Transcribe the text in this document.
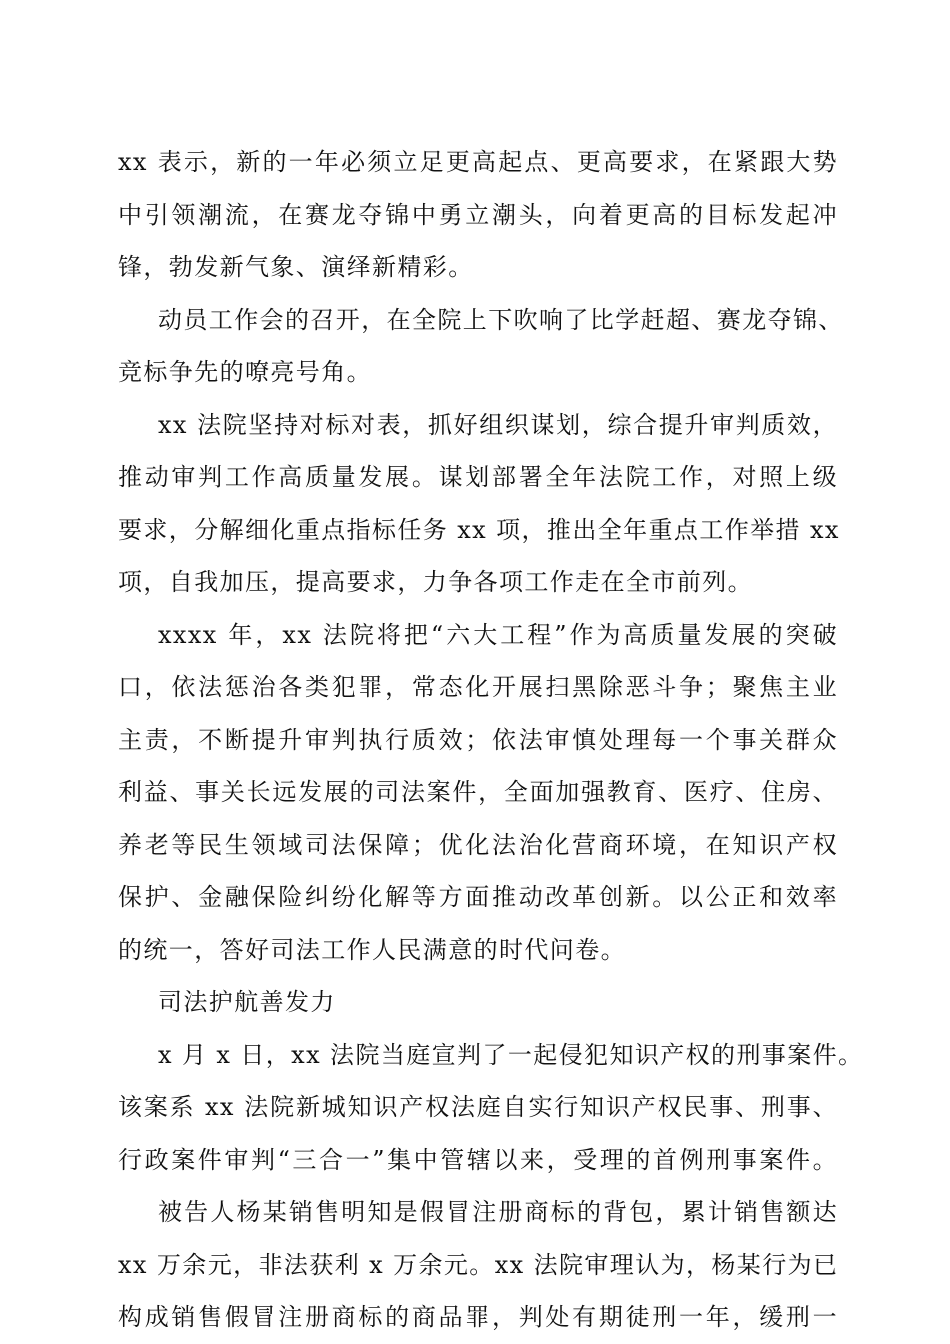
xx 表示，新的一年必须立足更高起点、更高要求，在紧跟大势
中引领潮流，在赛龙夺锦中勇立潮头，向着更高的目标发起冲
锋，勃发新气象、演绎新精彩。
动员工作会的召开，在全院上下吹响了比学赶超、赛龙夺锦、
竞标争先的嘹亮号角。
xx 法院坚持对标对表，抓好组织谋划，综合提升审判质效，
推动审判工作高质量发展。谋划部署全年法院工作，对照上级
要求，分解细化重点指标任务 xx 项，推出全年重点工作举措 xx
项，自我加压，提高要求，力争各项工作走在全市前列。
xxxx 年，xx 法院将把“六大工程”作为高质量发展的突破
口，依法惩治各类犯罪，常态化开展扫黑除恶斗争；聚焦主业
主责，不断提升审判执行质效；依法审慎处理每一个事关群众
利益、事关长远发展的司法案件，全面加强教育、医疗、住房、
养老等民生领域司法保障；优化法治化营商环境，在知识产权
保护、金融保险纠纷化解等方面推动改革创新。以公正和效率
的统一，答好司法工作人民满意的时代问卷。
司法护航善发力
x 月 x 日，xx 法院当庭宣判了一起侵犯知识产权的刑事案件。
该案系 xx 法院新城知识产权法庭自实行知识产权民事、刑事、
行政案件审判“三合一”集中管辖以来，受理的首例刑事案件。
被告人杨某销售明知是假冒注册商标的背包，累计销售额达
xx 万余元，非法获利 x 万余元。xx 法院审理认为，杨某行为已
构成销售假冒注册商标的商品罪，判处有期徒刑一年，缓刑一
